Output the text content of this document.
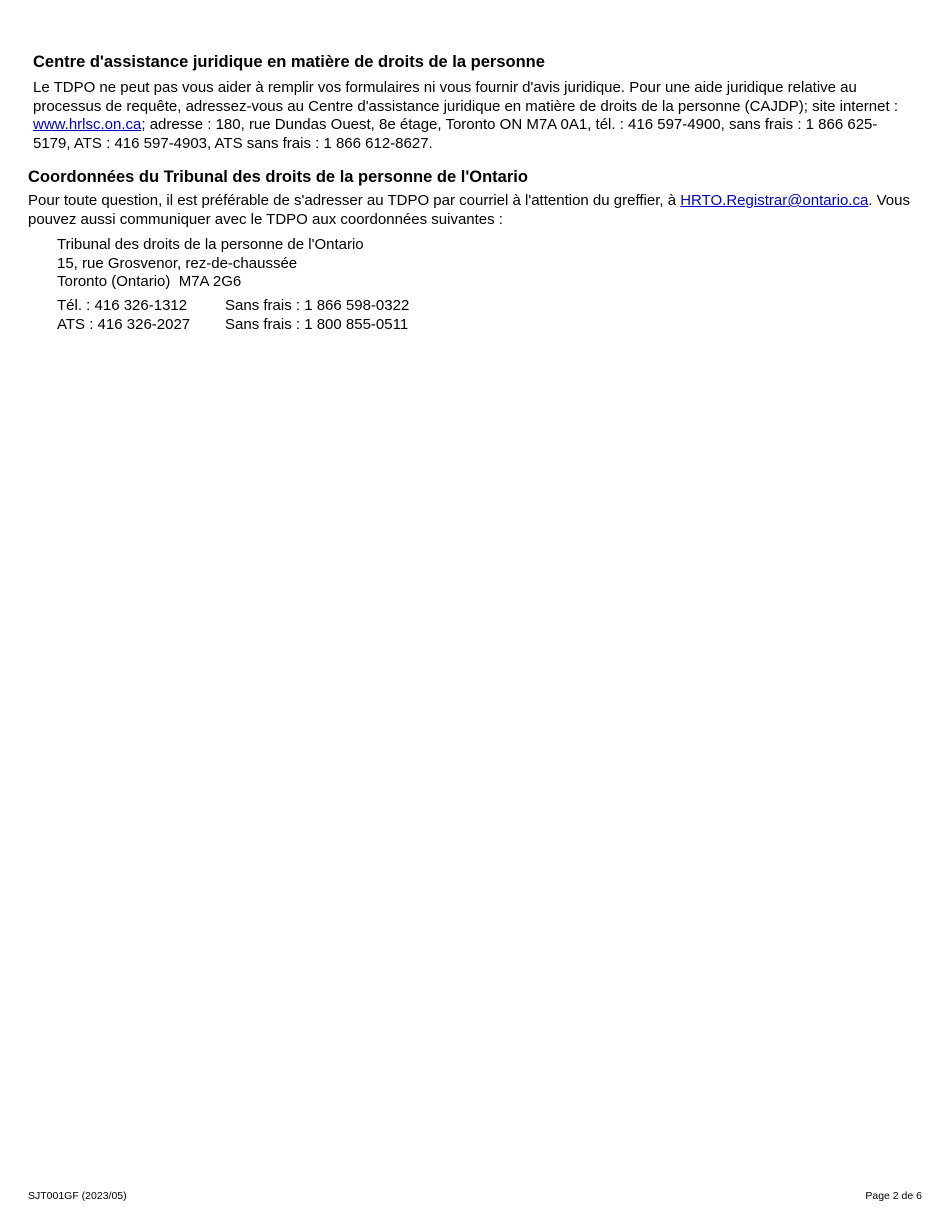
Centre d'assistance juridique en matière de droits de la personne

Le TDPO ne peut pas vous aider à remplir vos formulaires ni vous fournir d'avis juridique. Pour une aide juridique relative au processus de requête, adressez-vous au Centre d'assistance juridique en matière de droits de la personne (CAJDP); site internet : www.hrlsc.on.ca; adresse : 180, rue Dundas Ouest, 8e étage, Toronto ON M7A 0A1, tél. : 416 597-4900, sans frais : 1 866 625-5179, ATS : 416 597-4903, ATS sans frais : 1 866 612-8627.

Coordonnées du Tribunal des droits de la personne de l'Ontario

Pour toute question, il est préférable de s'adresser au TDPO par courriel à l'attention du greffier, à HRTO.Registrar@ontario.ca. Vous pouvez aussi communiquer avec le TDPO aux coordonnées suivantes :

Tribunal des droits de la personne de l'Ontario
15, rue Grosvenor, rez-de-chaussée
Toronto (Ontario)  M7A 2G6
Tél. : 416 326-1312	Sans frais : 1 866 598-0322
ATS : 416 326-2027	Sans frais : 1 800 855-0511
SJT001GF (2023/05)	Page 2 de 6
